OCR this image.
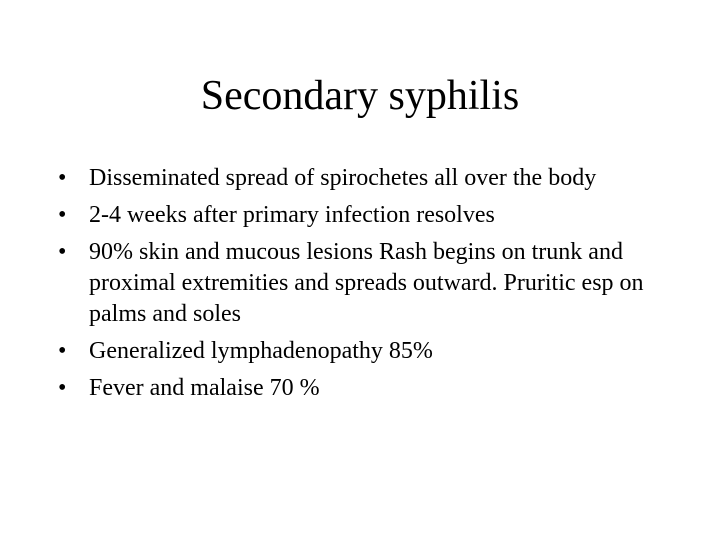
Secondary syphilis
• Disseminated spread of spirochetes all over the body
• 2-4 weeks after primary infection resolves
• 90% skin and mucous lesions Rash begins on trunk and proximal extremities and spreads outward. Pruritic esp on palms and soles
• Generalized lymphadenopathy 85%
• Fever and malaise 70 %
